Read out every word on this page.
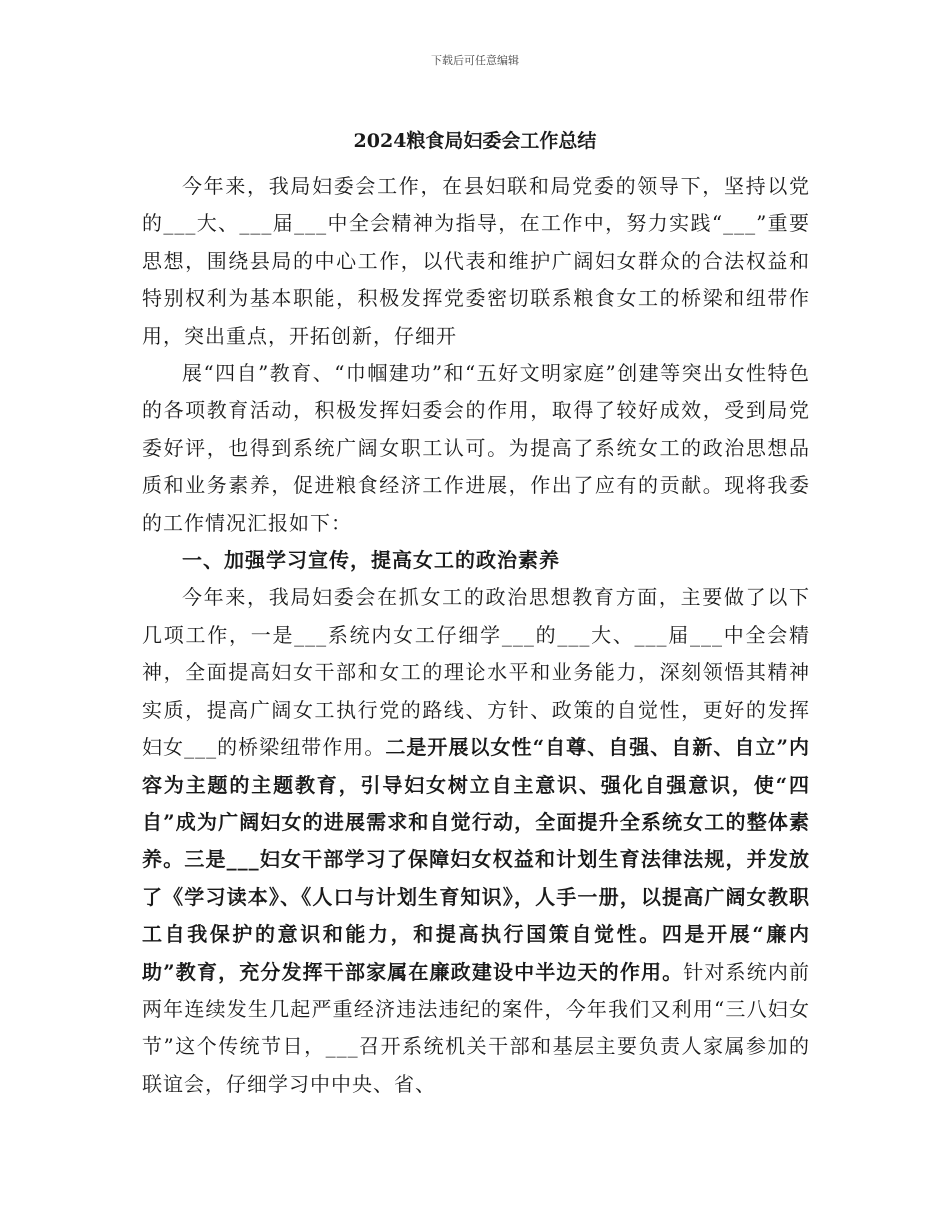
下载后可任意编辑
2024粮食局妇委会工作总结

今年来，我局妇委会工作，在县妇联和局党委的领导下，坚持以党的___大、___届___中全会精神为指导，在工作中，努力实践“___”重要思想，围绕县局的中心工作，以代表和维护广阔妇女群众的合法权益和特别权利为基本职能，积极发挥党委密切联系粮食女工的桥梁和纽带作用，突出重点，开拓创新，仔细开

展“四自”教育、“巾帼建功”和“五好文明家庭”创建等突出女性特色的各项教育活动，积极发挥妇委会的作用，取得了较好成效，受到局党委好评，也得到系统广阔女职工认可。为提高了系统女工的政治思想品质和业务素养，促进粮食经济工作进展，作出了应有的贡献。现将我委的工作情况汇报如下：

一、加强学习宣传，提高女工的政治素养

今年来，我局妇委会在抓女工的政治思想教育方面，主要做了以下几项工作，一是___系统内女工仔细学___的___大、___届___中全会精神，全面提高妇女干部和女工的理论水平和业务能力，深刻领悟其精神实质，提高广阔女工执行党的路线、方针、政策的自觉性，更好的发挥妇女___的桥梁纽带作用。二是开展以女性“自尊、自强、自新、自立”内容为主题的主题教育，引导妇女树立自主意识、强化自强意识，使“四自”成为广阔妇女的进展需求和自觉行动，全面提升全系统女工的整体素养。三是___妇女干部学习了保障妇女权益和计划生育法律法规，并发放了《学习读本》、《人口与计划生育知识》，人手一册，以提高广阔女教职工自我保护的意识和能力，和提高执行国策自觉性。四是开展“廉内助”教育，充分发挥干部家属在廉政建设中半边天的作用。针对系统内前两年连续发生几起严重经济违法违纪的案件，今年我们又利用“三八妇女节”这个传统节日，___召开系统机关干部和基层主要负责人家属参加的联谊会，仔细学习中中央、省、
